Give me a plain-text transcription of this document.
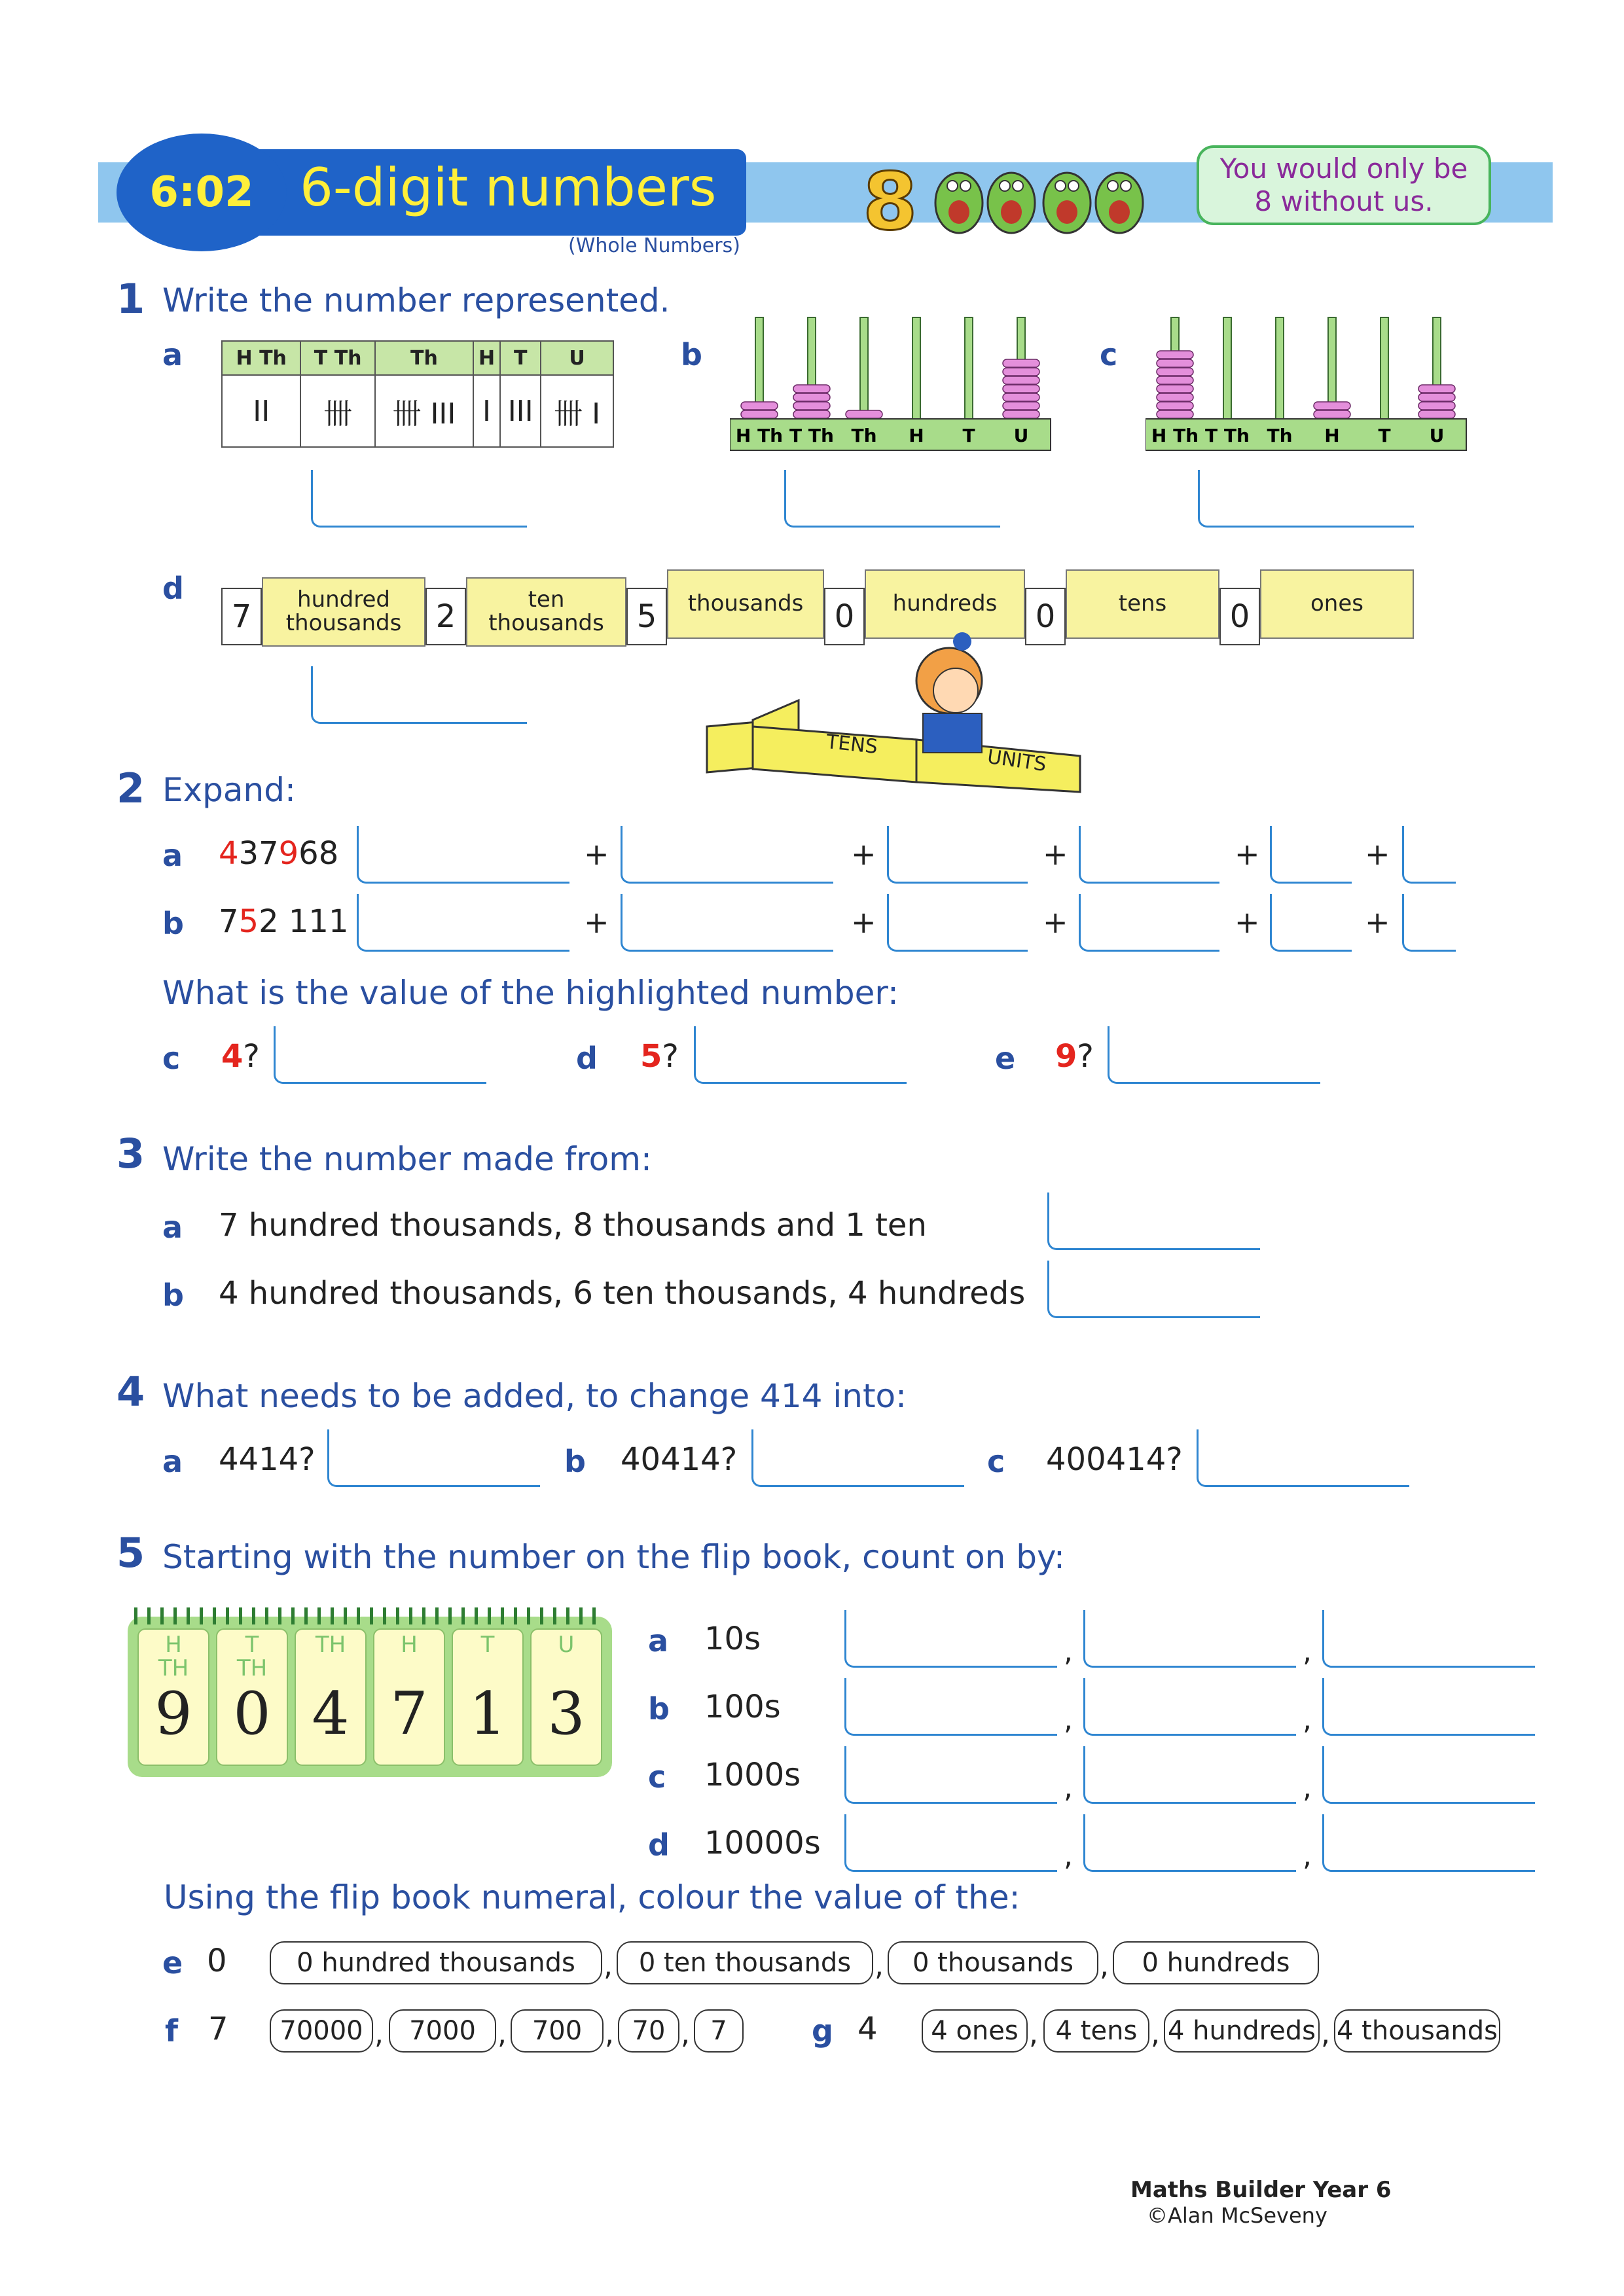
6:02 6-digit numbers
(Whole Numbers) 8	You would only be 8 without us.
1 Write the number represented.
a	H Th	T Th	Th	H	T	U
II	卌	卌 III	I	III	卌 I
b
H Th T Th Th H T U
c
H Th T Th Th H T U
d
7	hundred thousands	2	ten thousands	5	thousands 0	hundreds	0	tens	0	ones
TENS
UNITS
2 Expand:
a 437968	+	+	+	+	+
b 752 111	+	+	+	+	+
What is the value of the highlighted number:
c 4?	d 5?	e 9?
3 Write the number made from:
a 7 hundred thousands, 8 thousands and 1 ten
b 4 hundred thousands, 6 ten thousands, 4 hundreds
4 What needs to be added, to change 414 into:
a 4414?	b 40414?	c 400414?
5 Starting with the number on the flip book, count on by:
H
TH
9
T
TH
0
TH
4
H
7
T
1
U
3
a 10s	,	,
b 100s	,	,
c 1000s	,	,
d 10000s	,	,
Using the flip book numeral, colour the value of the:
e 0	0 hundred thousands , 0 ten thousands ,	0 thousands ,	0 hundreds
f 7	70000 , 7000 , 700 , 70 , 7	g 4	4 ones , 4 tens , 4 hundreds , 4 thousands
Maths Builder Year 6
©Alan McSeveny
